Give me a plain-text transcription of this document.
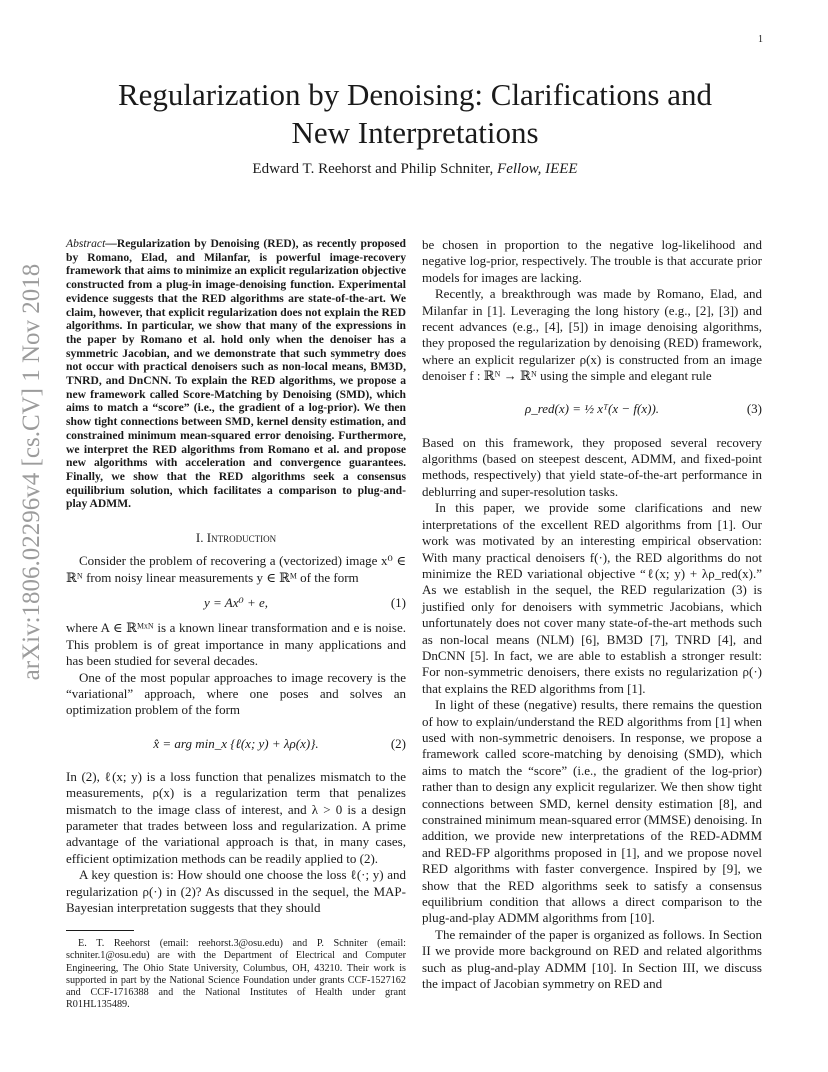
1
arXiv:1806.02296v4 [cs.CV] 1 Nov 2018
Regularization by Denoising: Clarifications and
New Interpretations
Edward T. Reehorst and Philip Schniter, Fellow, IEEE
Abstract—Regularization by Denoising (RED), as recently proposed by Romano, Elad, and Milanfar, is powerful image-recovery framework that aims to minimize an explicit regularization objective constructed from a plug-in image-denoising function. Experimental evidence suggests that the RED algorithms are state-of-the-art. We claim, however, that explicit regularization does not explain the RED algorithms. In particular, we show that many of the expressions in the paper by Romano et al. hold only when the denoiser has a symmetric Jacobian, and we demonstrate that such symmetry does not occur with practical denoisers such as non-local means, BM3D, TNRD, and DnCNN. To explain the RED algorithms, we propose a new framework called Score-Matching by Denoising (SMD), which aims to match a “score” (i.e., the gradient of a log-prior). We then show tight connections between SMD, kernel density estimation, and constrained minimum mean-squared error denoising. Furthermore, we interpret the RED algorithms from Romano et al. and propose new algorithms with acceleration and convergence guarantees. Finally, we show that the RED algorithms seek a consensus equilibrium solution, which facilitates a comparison to plug-and-play ADMM.
I. Introduction

Consider the problem of recovering a (vectorized) image x⁰ ∈ ℝᴺ from noisy linear measurements y ∈ ℝᴹ of the form

y = Ax⁰ + e,	(1)

where A ∈ ℝᴹˣᴺ is a known linear transformation and e is noise. This problem is of great importance in many applications and has been studied for several decades.

One of the most popular approaches to image recovery is the “variational” approach, where one poses and solves an optimization problem of the form

x̂ = arg min_x {ℓ(x; y) + λρ(x)}.	(2)

In (2), ℓ(x; y) is a loss function that penalizes mismatch to the measurements, ρ(x) is a regularization term that penalizes mismatch to the image class of interest, and λ > 0 is a design parameter that trades between loss and regularization. A prime advantage of the variational approach is that, in many cases, efficient optimization methods can be readily applied to (2).

A key question is: How should one choose the loss ℓ(·; y) and regularization ρ(·) in (2)? As discussed in the sequel, the MAP-Bayesian interpretation suggests that they should

E. T. Reehorst (email: reehorst.3@osu.edu) and P. Schniter (email: schniter.1@osu.edu) are with the Department of Electrical and Computer Engineering, The Ohio State University, Columbus, OH, 43210. Their work is supported in part by the National Science Foundation under grants CCF-1527162 and CCF-1716388 and the National Institutes of Health under grant R01HL135489.

be chosen in proportion to the negative log-likelihood and negative log-prior, respectively. The trouble is that accurate prior models for images are lacking.

Recently, a breakthrough was made by Romano, Elad, and Milanfar in [1]. Leveraging the long history (e.g., [2], [3]) and recent advances (e.g., [4], [5]) in image denoising algorithms, they proposed the regularization by denoising (RED) framework, where an explicit regularizer ρ(x) is constructed from an image denoiser f : ℝᴺ → ℝᴺ using the simple and elegant rule

ρ_red(x) = ½ xᵀ(x − f(x)).	(3)

Based on this framework, they proposed several recovery algorithms (based on steepest descent, ADMM, and fixed-point methods, respectively) that yield state-of-the-art performance in deblurring and super-resolution tasks.

In this paper, we provide some clarifications and new interpretations of the excellent RED algorithms from [1]. Our work was motivated by an interesting empirical observation: With many practical denoisers f(·), the RED algorithms do not minimize the RED variational objective “ℓ(x; y) + λρ_red(x).” As we establish in the sequel, the RED regularization (3) is justified only for denoisers with symmetric Jacobians, which unfortunately does not cover many state-of-the-art methods such as non-local means (NLM) [6], BM3D [7], TNRD [4], and DnCNN [5]. In fact, we are able to establish a stronger result: For non-symmetric denoisers, there exists no regularization ρ(·) that explains the RED algorithms from [1].

In light of these (negative) results, there remains the question of how to explain/understand the RED algorithms from [1] when used with non-symmetric denoisers. In response, we propose a framework called score-matching by denoising (SMD), which aims to match the “score” (i.e., the gradient of the log-prior) rather than to design any explicit regularizer. We then show tight connections between SMD, kernel density estimation [8], and constrained minimum mean-squared error (MMSE) denoising. In addition, we provide new interpretations of the RED-ADMM and RED-FP algorithms proposed in [1], and we propose novel RED algorithms with faster convergence. Inspired by [9], we show that the RED algorithms seek to satisfy a consensus equilibrium condition that allows a direct comparison to the plug-and-play ADMM algorithms from [10].

The remainder of the paper is organized as follows. In Section II we provide more background on RED and related algorithms such as plug-and-play ADMM [10]. In Section III, we discuss the impact of Jacobian symmetry on RED and
